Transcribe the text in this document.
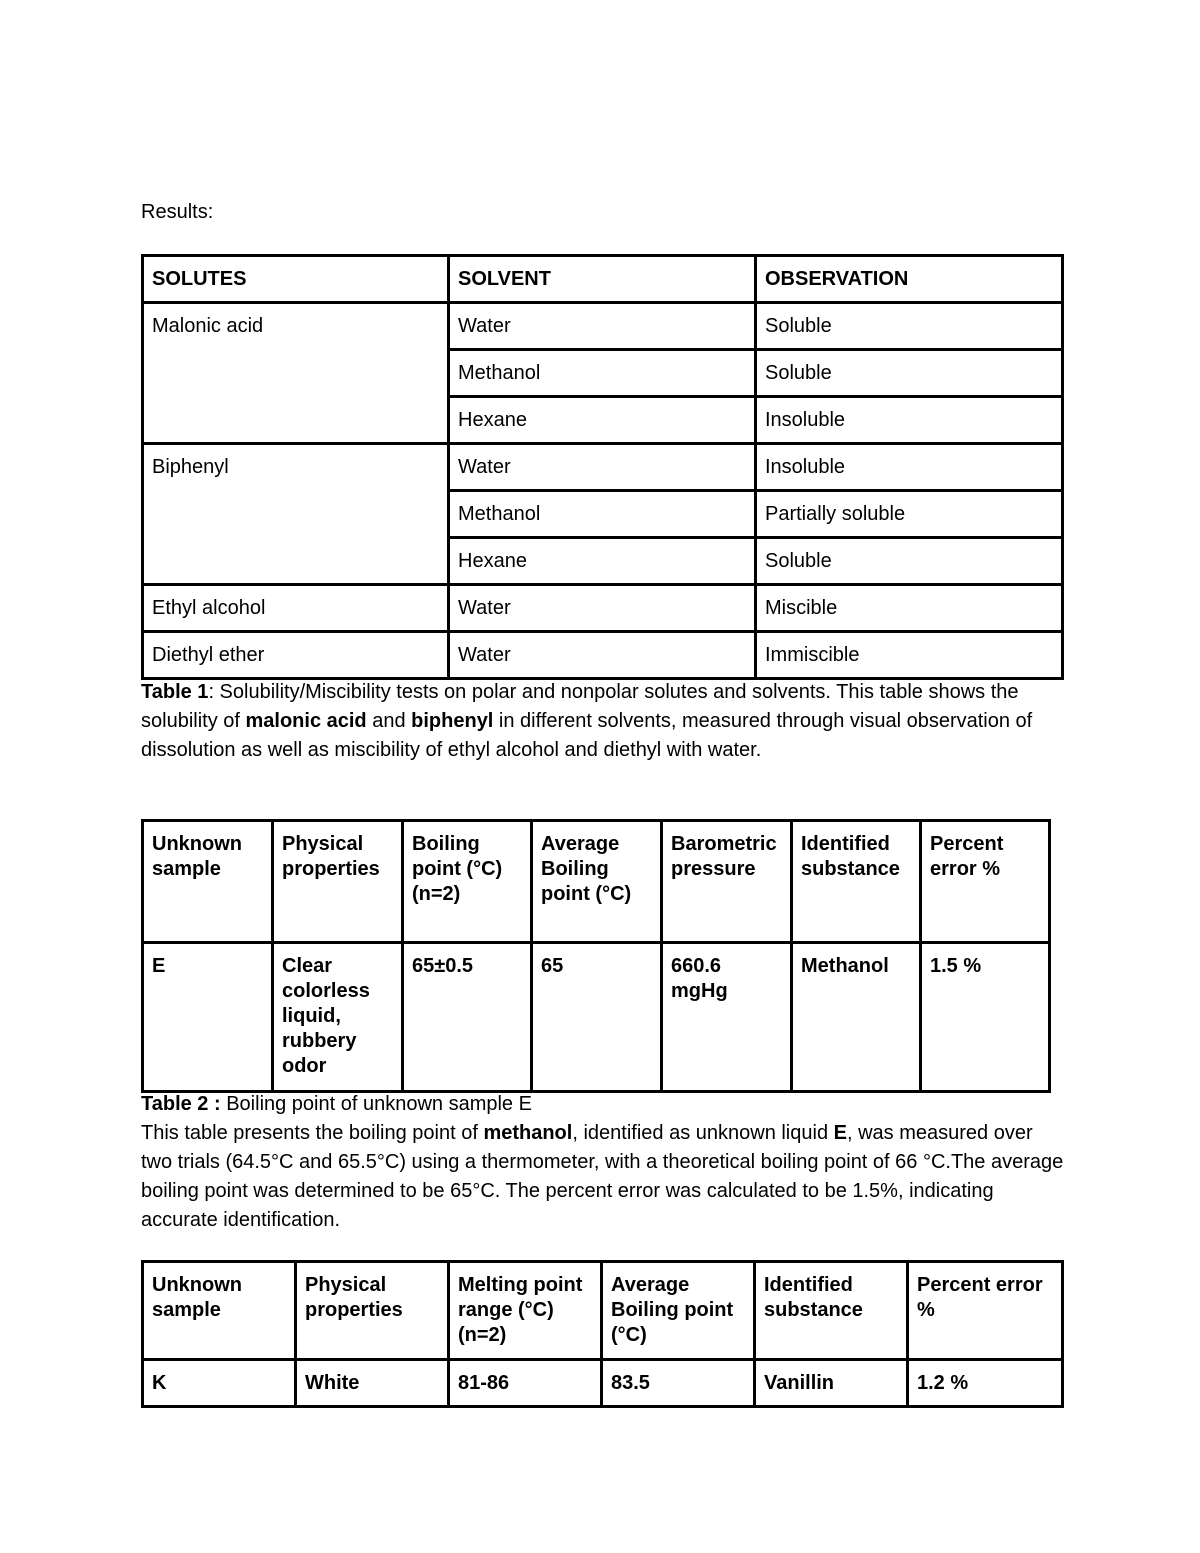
Results:
SOLUTES	SOLVENT	OBSERVATION
Malonic acid	Water	Soluble
	Methanol	Soluble
	Hexane	Insoluble
Biphenyl	Water	Insoluble
	Methanol	Partially soluble
	Hexane	Soluble
Ethyl alcohol	Water	Miscible
Diethyl ether	Water	Immiscible
Table 1: Solubility/Miscibility tests on polar and nonpolar solutes and solvents. This table shows the solubility of malonic acid and biphenyl in different solvents, measured through visual observation of dissolution as well as miscibility of ethyl alcohol and diethyl with water.
Unknown sample	Physical properties	Boiling point (°C) (n=2)	Average Boiling point (°C)	Barometric pressure	Identified substance	Percent error %
E	Clear colorless liquid, rubbery odor	65±0.5	65	660.6 mgHg	Methanol	1.5 %
Table 2 : Boiling point of unknown sample E
This table presents the boiling point of methanol, identified as unknown liquid E, was measured over two trials (64.5°C and 65.5°C) using a thermometer, with a theoretical boiling point of 66 °C.The average boiling point was determined to be 65°C. The percent error was calculated to be 1.5%, indicating accurate identification.
Unknown sample	Physical properties	Melting point range (°C) (n=2)	Average Boiling point (°C)	Identified substance	Percent error %
K	White	81-86	83.5	Vanillin	1.2 %
